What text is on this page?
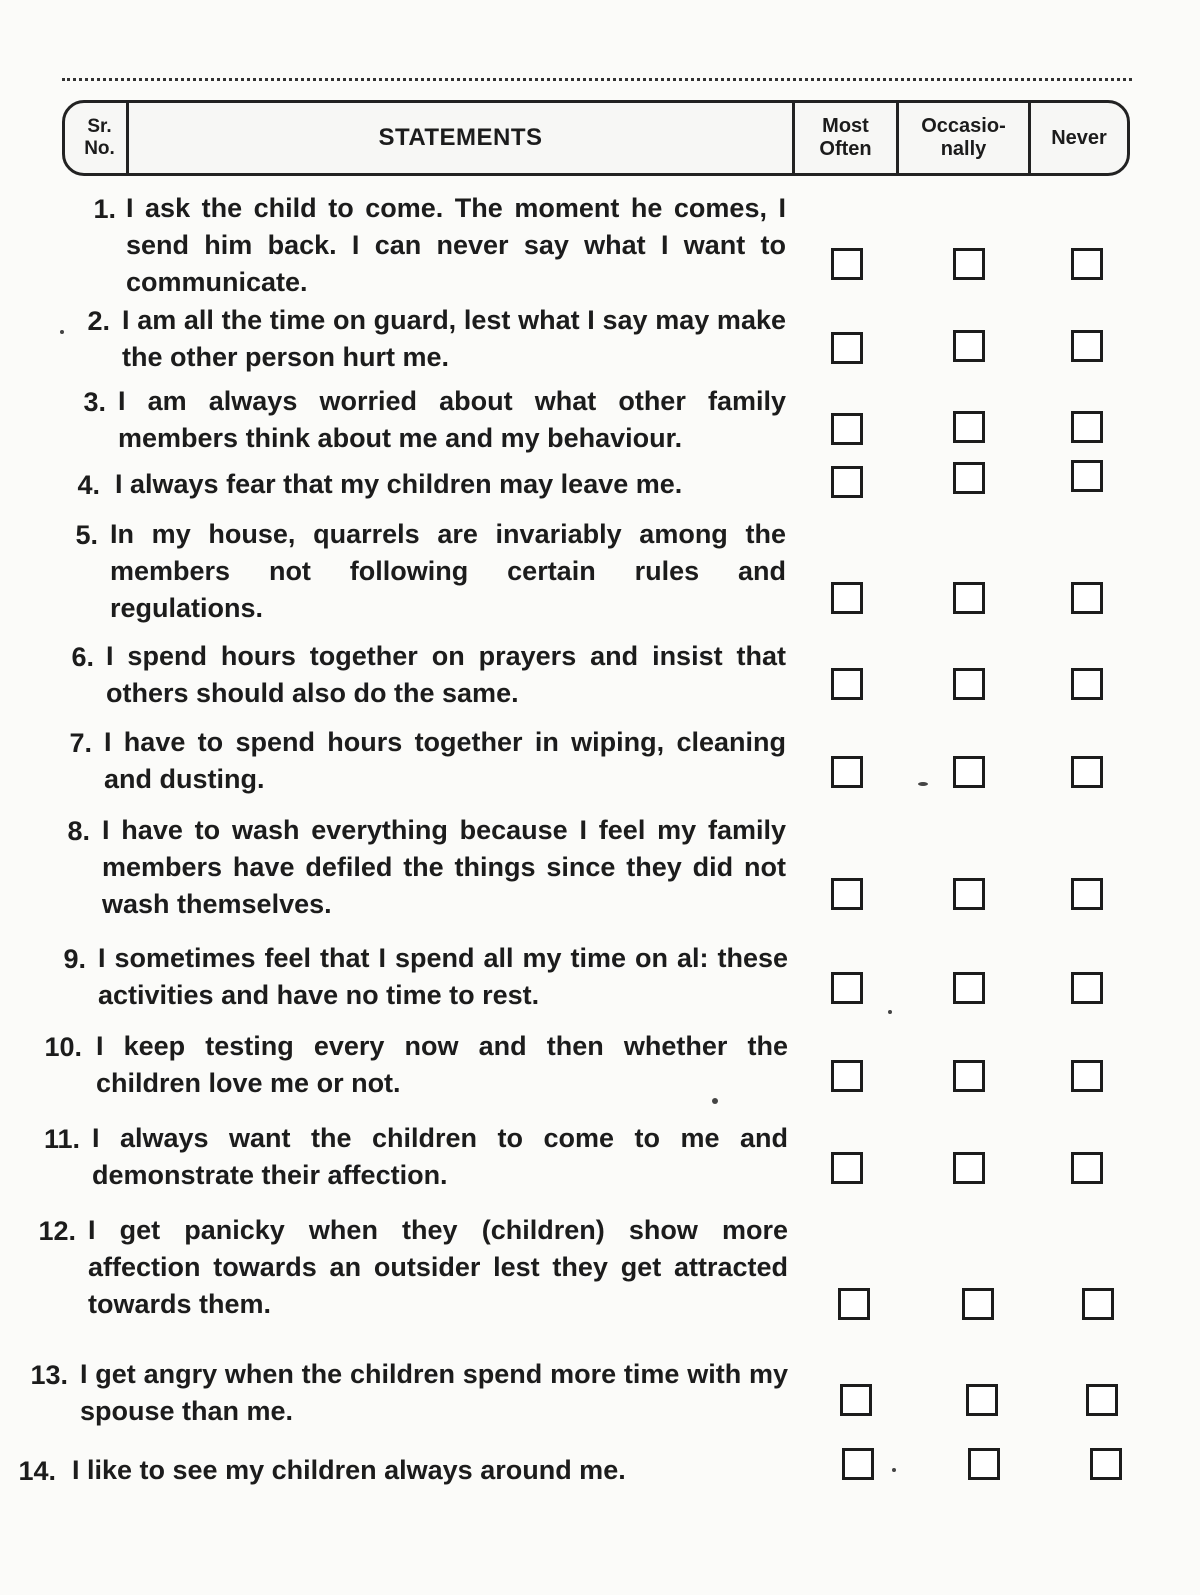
Sr.
No.	STATEMENTS	Most
Often
Occasio-
nally
Never
1. I ask the child to come. The moment he comes, I send him back. I can never say what I want to communicate.
2. I am all the time on guard, lest what I say may make the other person hurt me.
3. I am always worried about what other family members think about me and my behaviour.
4. I always fear that my children may leave me.
5. In my house, quarrels are invariably among the members not following certain rules and regulations.
6. I spend hours together on prayers and insist that others should also do the same.
7. I have to spend hours together in wiping, cleaning and dusting.
8. I have to wash everything because I feel my family members have defiled the things since they did not wash themselves.
9. I sometimes feel that I spend all my time on al: these activities and have no time to rest.
10. I keep testing every now and then whether the children love me or not.
11. I always want the children to come to me and demonstrate their affection.
12. I get panicky when they (children) show more affection towards an outsider lest they get attracted towards them.
13. I get angry when the children spend more time with my spouse than me.
14. I like to see my children always around me.
